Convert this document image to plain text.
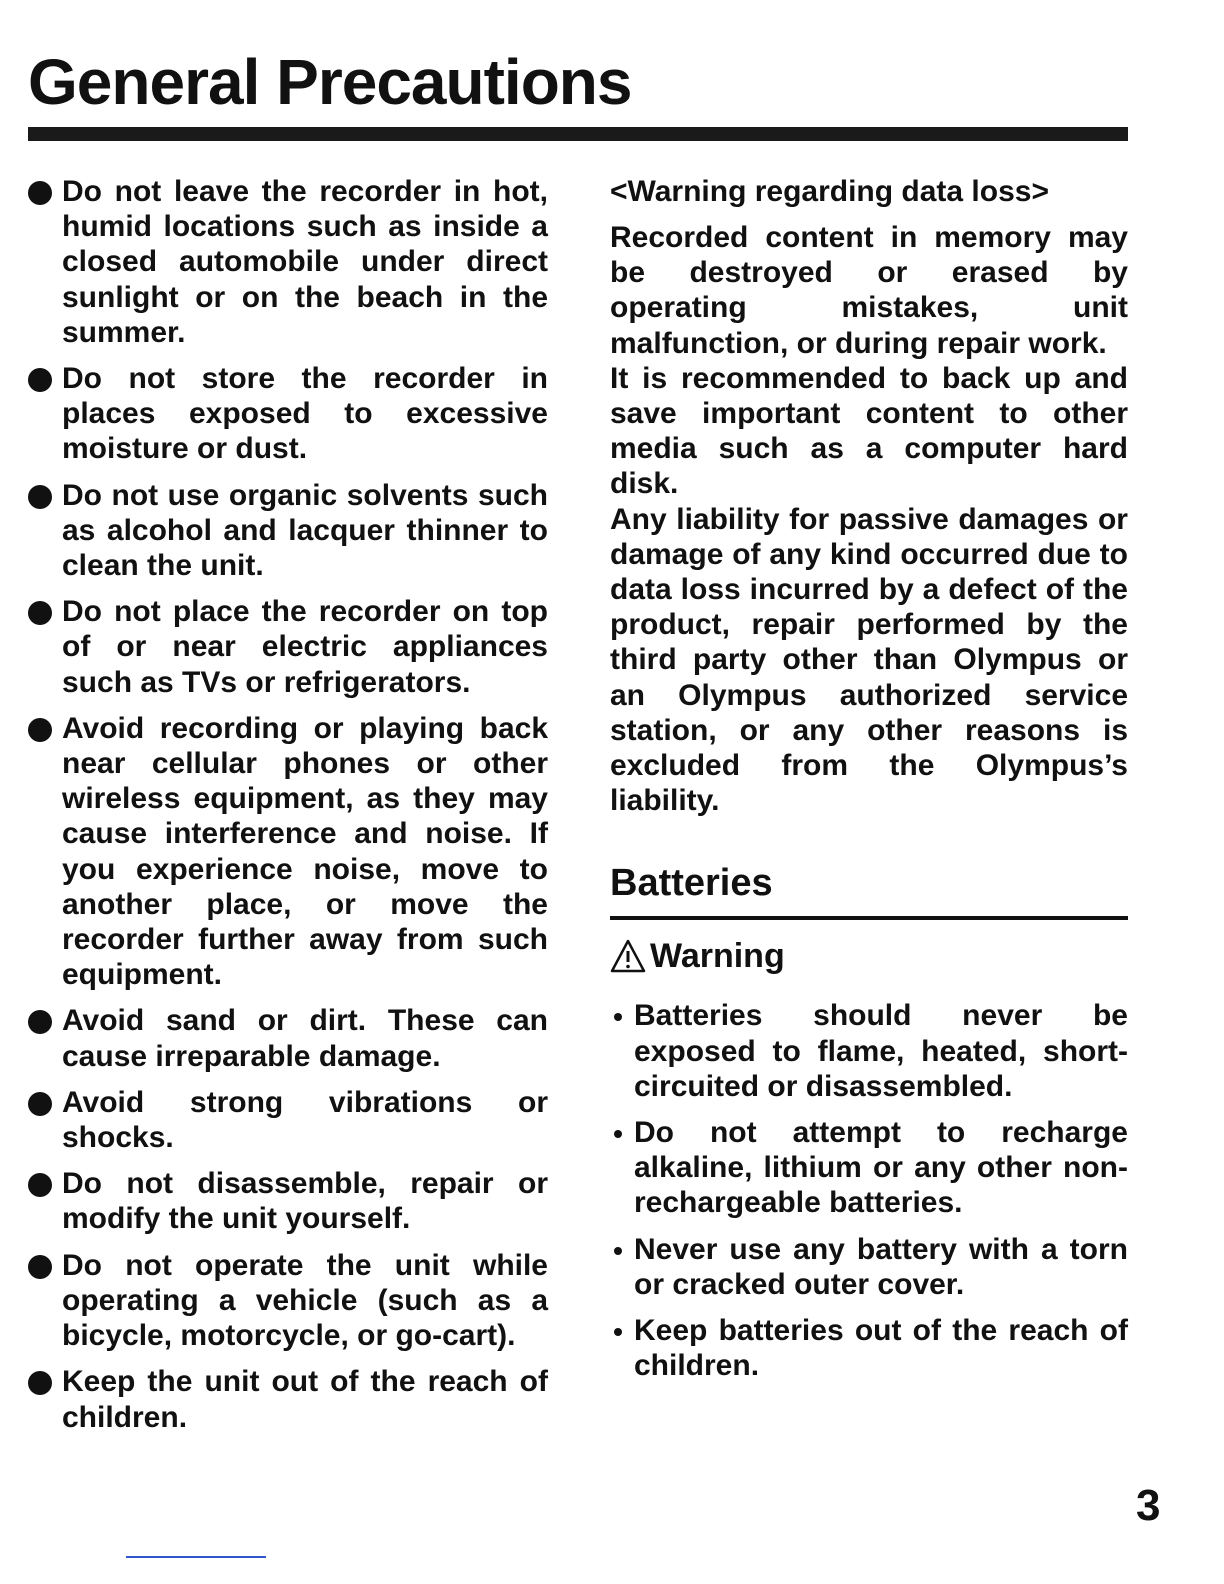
General Precautions
Do not leave the recorder in hot, humid locations such as inside a closed automobile under direct sunlight or on the beach in the summer.
Do not store the recorder in places exposed to excessive moisture or dust.
Do not use organic solvents such as alcohol and lacquer thinner to clean the unit.
Do not place the recorder on top of or near electric appliances such as TVs or refrigerators.
Avoid recording or playing back near cellular phones or other wireless equipment, as they may cause interference and noise. If you experience noise, move to another place, or move the recorder further away from such equipment.
Avoid sand or dirt. These can cause irreparable damage.
Avoid strong vibrations or shocks.
Do not disassemble, repair or modify the unit yourself.
Do not operate the unit while operating a vehicle (such as a bicycle, motorcycle, or go-cart).
Keep the unit out of the reach of children.

<Warning regarding data loss>

Recorded content in memory may be destroyed or erased by operating mistakes, unit malfunction, or during repair work.

It is recommended to back up and save important content to other media such as a computer hard disk.

Any liability for passive damages or damage of any kind occurred due to data loss incurred by a defect of the product, repair performed by the third party other than Olympus or an Olympus authorized service station, or any other reasons is excluded from the Olympus’s liability.

Batteries
Warning
Batteries should never be exposed to flame, heated, short-circuited or disassembled.
Do not attempt to recharge alkaline, lithium or any other non-rechargeable batteries.
Never use any battery with a torn or cracked outer cover.
Keep batteries out of the reach of children.
3
